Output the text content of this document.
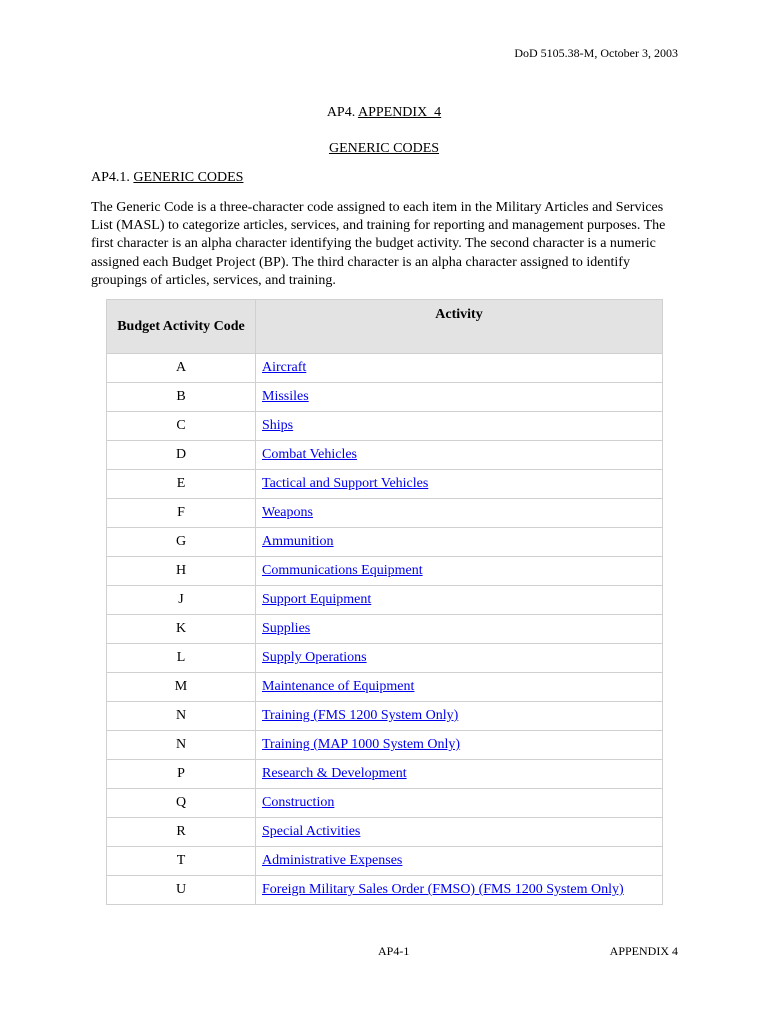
DoD 5105.38-M, October 3, 2003
AP4. APPENDIX  4
GENERIC CODES
AP4.1. GENERIC CODES

The Generic Code is a three-character code assigned to each item in the Military Articles and Services List (MASL) to categorize articles, services, and training for reporting and management purposes. The first character is an alpha character identifying the budget activity. The second character is a numeric assigned each Budget Project (BP). The third character is an alpha character assigned to identify groupings of articles, services, and training.

Budget Activity Code	Activity
A	Aircraft
B	Missiles
C	Ships
D	Combat Vehicles
E	Tactical and Support Vehicles
F	Weapons
G	Ammunition
H	Communications Equipment
J	Support Equipment
K	Supplies
L	Supply Operations
M	Maintenance of Equipment
N	Training (FMS 1200 System Only)
N	Training (MAP 1000 System Only)
P	Research & Development
Q	Construction
R	Special Activities
T	Administrative Expenses
U	Foreign Military Sales Order (FMSO) (FMS 1200 System Only)
AP4-1	APPENDIX 4
